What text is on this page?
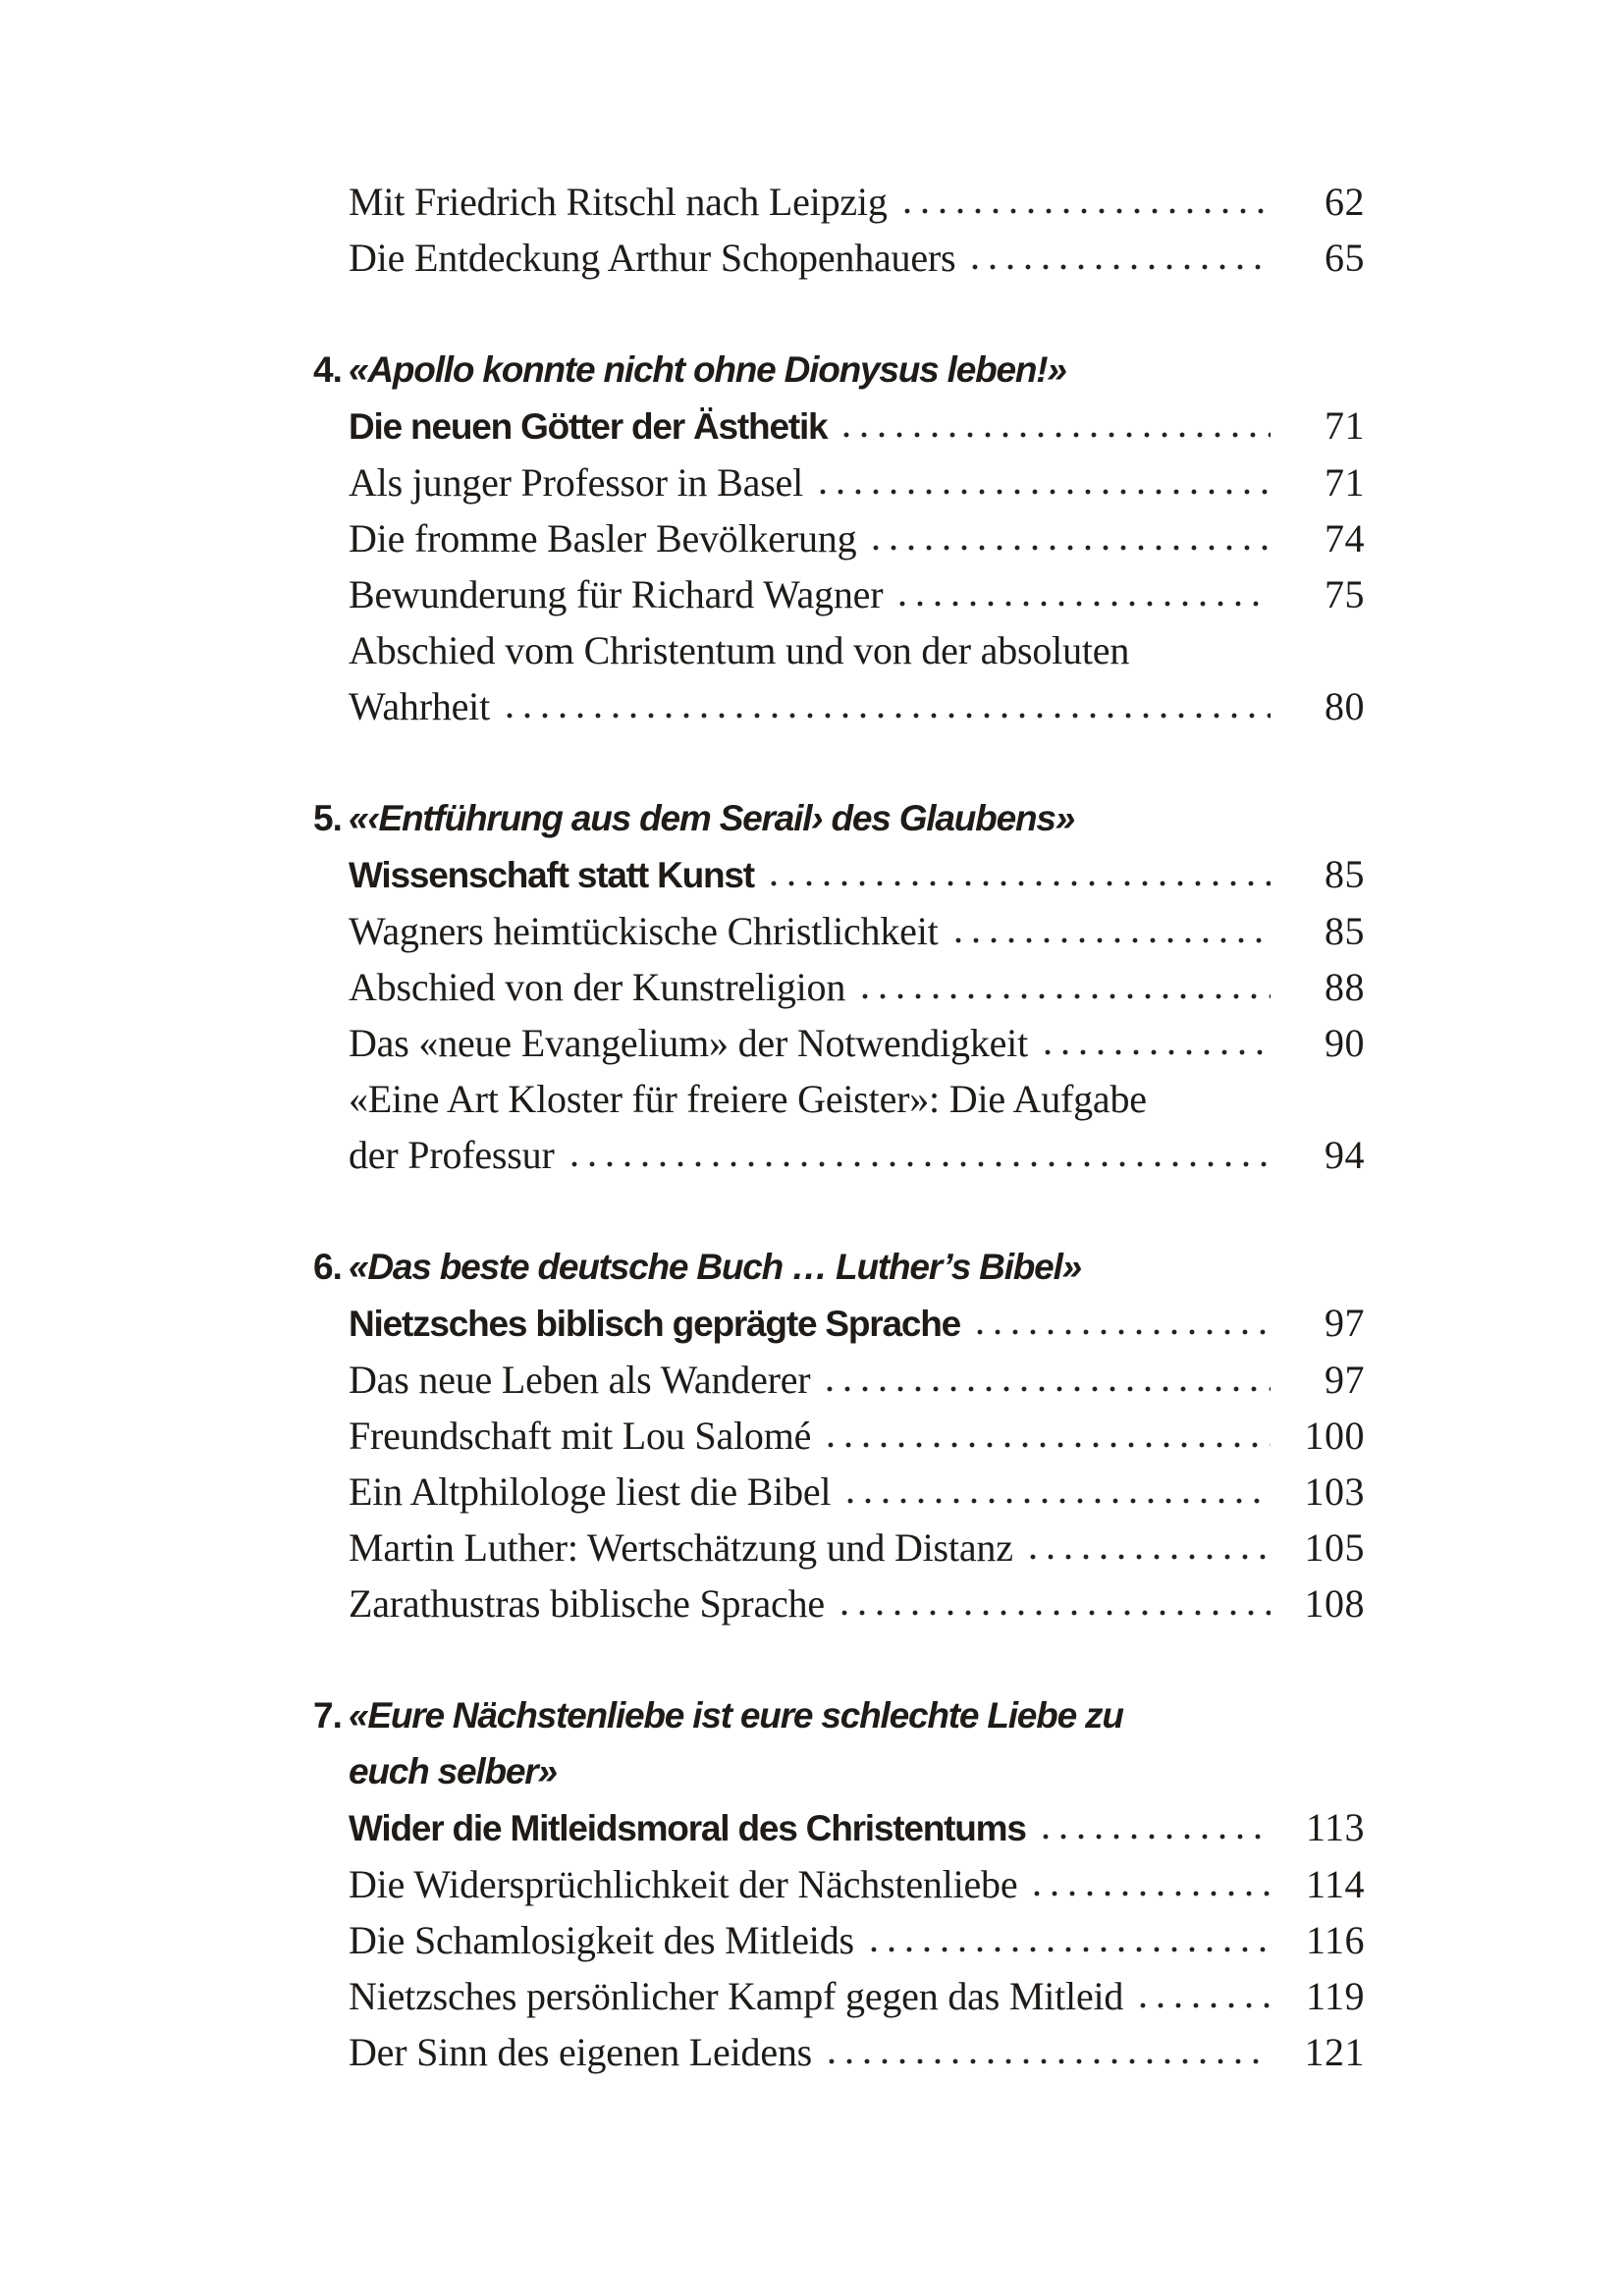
Mit Friedrich Ritschl nach Leipzig	62
Die Entdeckung Arthur Schopenhauers	65
4. «Apollo konnte nicht ohne Dionysus leben!»
Die neuen Götter der Ästhetik	71
Als junger Professor in Basel	71
Die fromme Basler Bevölkerung	74
Bewunderung für Richard Wagner	75
Abschied vom Christentum und von der absoluten
Wahrheit	80
5. «‹Entführung aus dem Serail› des Glaubens»
Wissenschaft statt Kunst	85
Wagners heimtückische Christlichkeit	85
Abschied von der Kunstreligion	88
Das «neue Evangelium» der Notwendigkeit	90
«Eine Art Kloster für freiere Geister»: Die Aufgabe
der Professur	94
6. «Das beste deutsche Buch … Luther’s Bibel»
Nietzsches biblisch geprägte Sprache	97
Das neue Leben als Wanderer	97
Freundschaft mit Lou Salomé	100
Ein Altphilologe liest die Bibel	103
Martin Luther: Wertschätzung und Distanz	105
Zarathustras biblische Sprache	108
7. «Eure Nächstenliebe ist eure schlechte Liebe zu
euch selber»
Wider die Mitleidsmoral des Christentums	113
Die Widersprüchlichkeit der Nächstenliebe	114
Die Schamlosigkeit des Mitleids	116
Nietzsches persönlicher Kampf gegen das Mitleid	119
Der Sinn des eigenen Leidens	121
